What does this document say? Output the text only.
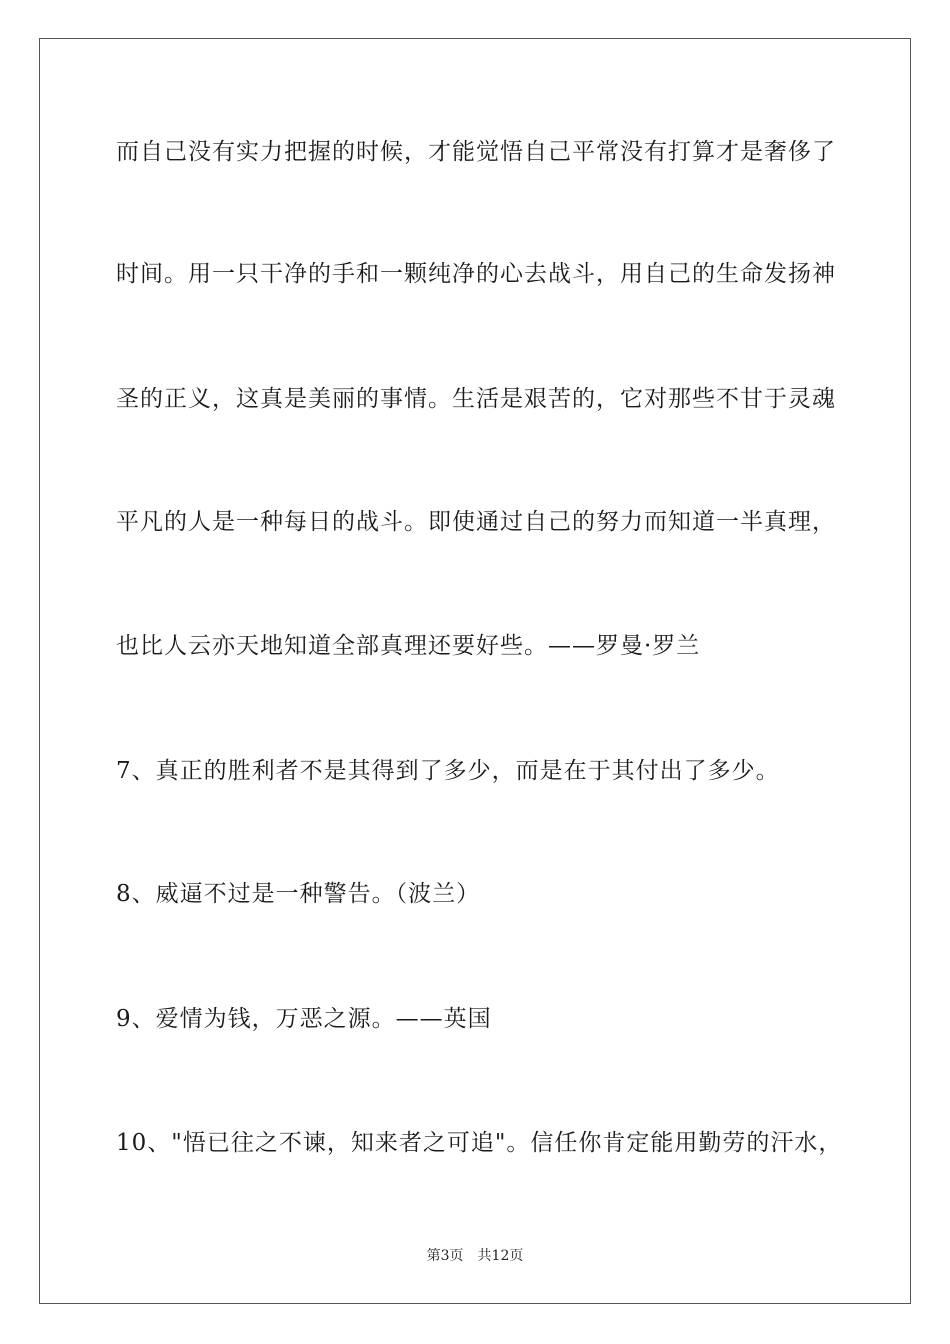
而自己没有实力把握的时候，才能觉悟自己平常没有打算才是奢侈了
时间。用一只干净的手和一颗纯净的心去战斗，用自己的生命发扬神
圣的正义，这真是美丽的事情。生活是艰苦的，它对那些不甘于灵魂
平凡的人是一种每日的战斗。即使通过自己的努力而知道一半真理，
也比人云亦天地知道全部真理还要好些。——罗曼·罗兰
7、真正的胜利者不是其得到了多少，而是在于其付出了多少。
8、威逼不过是一种警告。（波兰）
9、爱情为钱，万恶之源。——英国
10、"悟已往之不谏，知来者之可追"。信任你肯定能用勤劳的汗水，
第3页 共12页
